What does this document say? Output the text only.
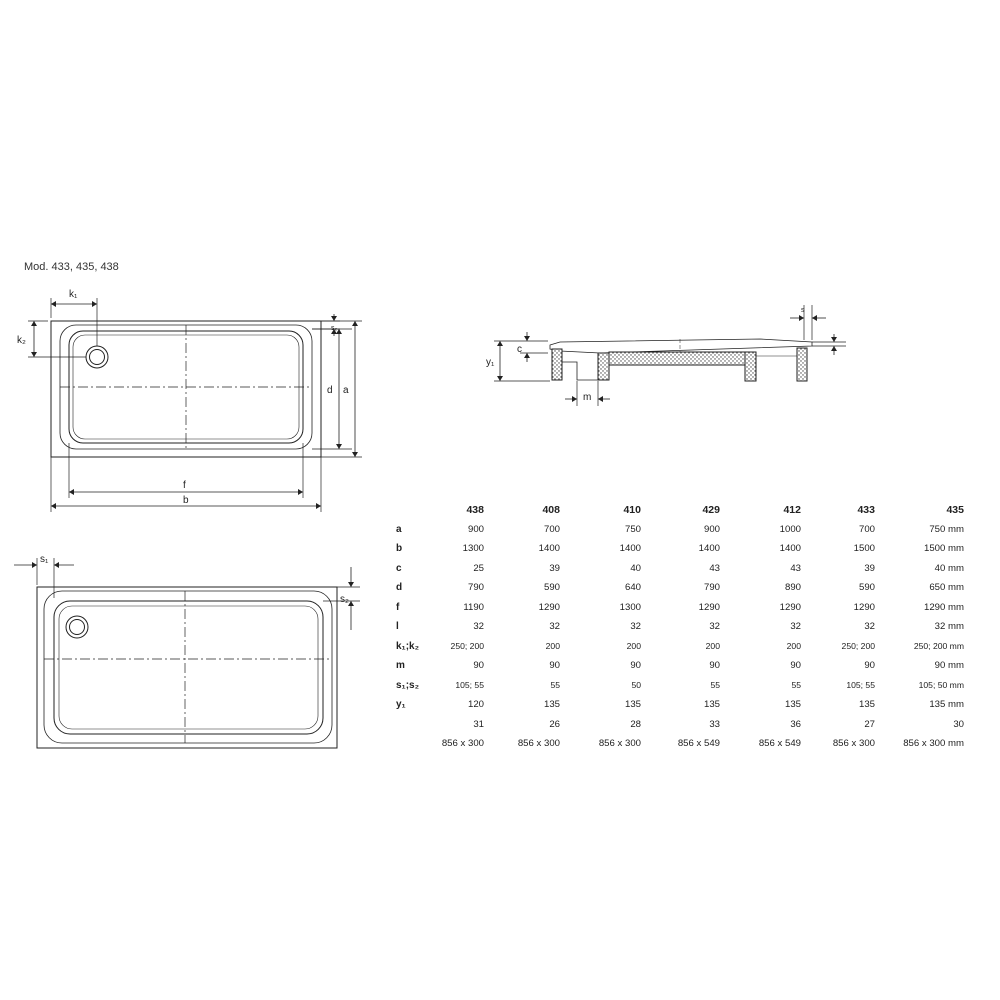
Mod. 433, 435, 438
k₁
k₂
s₂
d a
f
b
s₁
s₂
c
y₁
m
s
	438	408	410	429	412	433	435
a	900	700	750	900	1000	700	750 mm
b	1300	1400	1400	1400	1400	1500	1500 mm
c	25	39	40	43	43	39	40 mm
d	790	590	640	790	890	590	650 mm
f	1190	1290	1300	1290	1290	1290	1290 mm
l	32	32	32	32	32	32	32 mm
k₁;k₂	250; 200	200	200	200	200	250; 200	250; 200 mm
m	90	90	90	90	90	90	90 mm
s₁;s₂	105; 55	55	50	55	55	105; 55	105; 50 mm
y₁	120	135	135	135	135	135	135 mm
	31	26	28	33	36	27	30
	856 x 300	856 x 300	856 x 300	856 x 549	856 x 549	856 x 300	856 x 300 mm
